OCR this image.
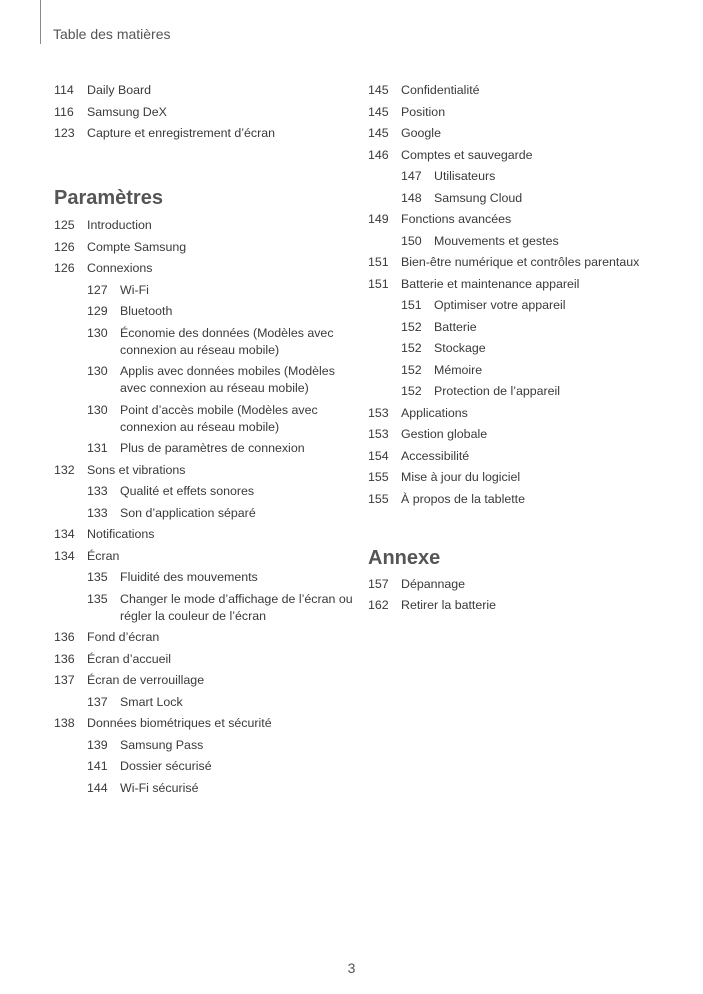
Table des matières
114	Daily Board
116	Samsung DeX
123 Capture et enregistrement d’écran
Paramètres
125 Introduction
126 Compte Samsung
126 Connexions
127 Wi-Fi
129 Bluetooth
130 Économie des données (Modèles avec connexion au réseau mobile)
130 Applis avec données mobiles (Modèles avec connexion au réseau mobile)
130 Point d’accès mobile (Modèles avec connexion au réseau mobile)
131 Plus de paramètres de connexion
132 Sons et vibrations
133 Qualité et effets sonores
133 Son d’application séparé
134 Notifications
134 Écran
135 Fluidité des mouvements
135 Changer le mode d’affichage de l’écran ou régler la couleur de l’écran
136 Fond d’écran
136 Écran d’accueil
137 Écran de verrouillage
137 Smart Lock
138 Données biométriques et sécurité
139 Samsung Pass
141 Dossier sécurisé
144 Wi-Fi sécurisé
145 Confidentialité
145 Position
145 Google
146 Comptes et sauvegarde
147 Utilisateurs
148 Samsung Cloud
149 Fonctions avancées
150 Mouvements et gestes
151 Bien-être numérique et contrôles parentaux
151 Batterie et maintenance appareil
151 Optimiser votre appareil
152 Batterie
152 Stockage
152 Mémoire
152 Protection de l’appareil
153 Applications
153 Gestion globale
154 Accessibilité
155 Mise à jour du logiciel
155 À propos de la tablette
Annexe
157 Dépannage
162 Retirer la batterie
3
